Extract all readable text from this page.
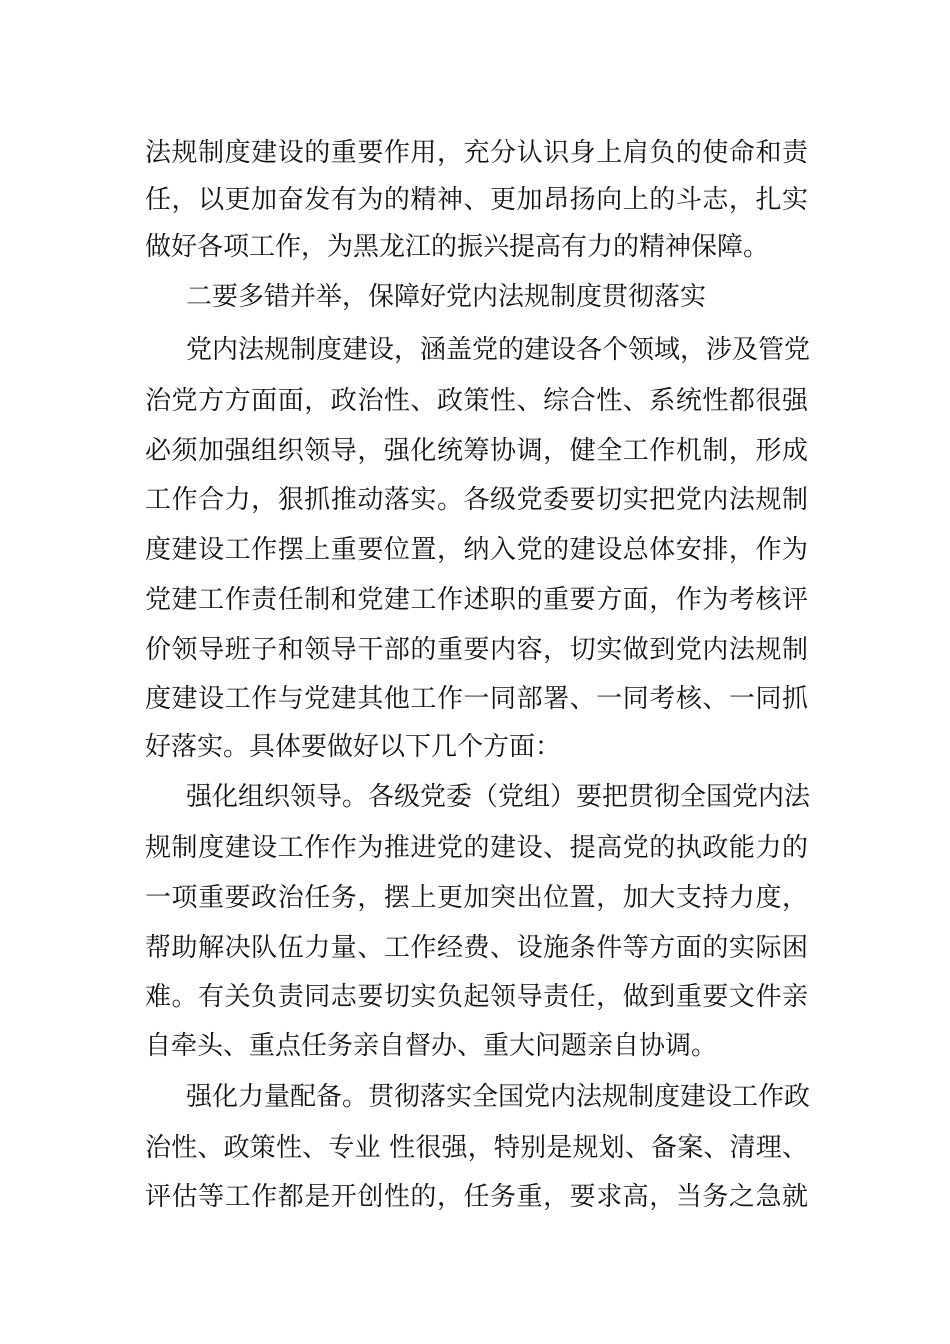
法规制度建设的重要作用，充分认识身上肩负的使命和责
任，以更加奋发有为的精神、更加昂扬向上的斗志，扎实
做好各项工作，为黑龙江的振兴提高有力的精神保障。
二要多错并举，保障好党内法规制度贯彻落实
党内法规制度建设，涵盖党的建设各个领域，涉及管党
治党方方面面，政治性、政策性、综合性、系统性都很强
必须加强组织领导，强化统筹协调，健全工作机制，形成
工作合力，狠抓推动落实。各级党委要切实把党内法规制
度建设工作摆上重要位置，纳入党的建设总体安排，作为
党建工作责任制和党建工作述职的重要方面，作为考核评
价领导班子和领导干部的重要内容，切实做到党内法规制
度建设工作与党建其他工作一同部署、一同考核、一同抓
好落实。具体要做好以下几个方面：
强化组织领导。各级党委（党组）要把贯彻全国党内法
规制度建设工作作为推进党的建设、提高党的执政能力的
一项重要政治任务，摆上更加突出位置，加大支持力度，
帮助解决队伍力量、工作经费、设施条件等方面的实际困
难。有关负责同志要切实负起领导责任，做到重要文件亲
自牵头、重点任务亲自督办、重大问题亲自协调。
强化力量配备。贯彻落实全国党内法规制度建设工作政
治性、政策性、专业 性很强，特别是规划、备案、清理、
评估等工作都是开创性的，任务重，要求高，当务之急就
